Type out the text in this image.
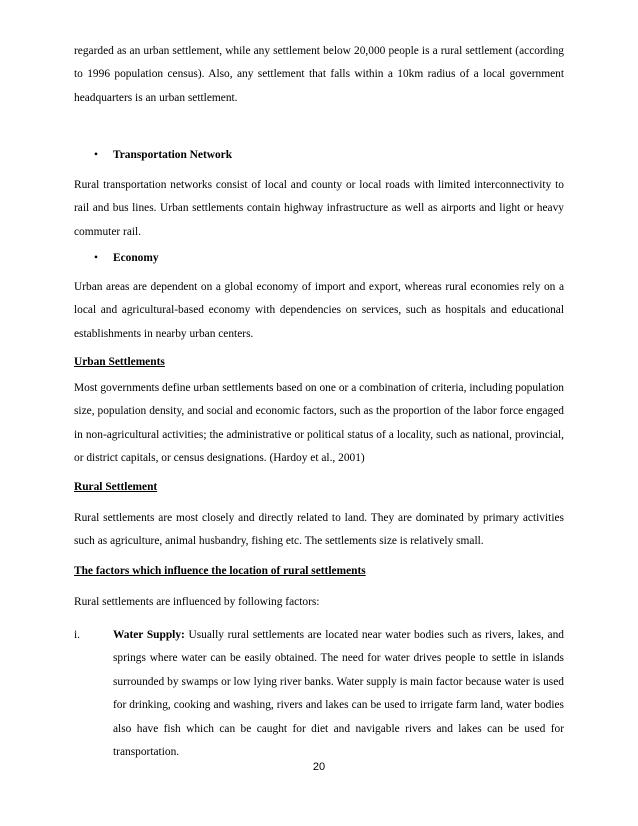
regarded as an urban settlement, while any settlement below 20,000 people is a rural settlement (according to 1996 population census). Also, any settlement that falls within a 10km radius of a local government headquarters is an urban settlement.

• Transportation Network

Rural transportation networks consist of local and county or local roads with limited interconnectivity to rail and bus lines. Urban settlements contain highway infrastructure as well as airports and light or heavy commuter rail.

• Economy

Urban areas are dependent on a global economy of import and export, whereas rural economies rely on a local and agricultural-based economy with dependencies on services, such as hospitals and educational establishments in nearby urban centers.

Urban Settlements

Most governments define urban settlements based on one or a combination of criteria, including population size, population density, and social and economic factors, such as the proportion of the labor force engaged in non-agricultural activities; the administrative or political status of a locality, such as national, provincial, or district capitals, or census designations. (Hardoy et al., 2001)

Rural Settlement

Rural settlements are most closely and directly related to land. They are dominated by primary activities such as agriculture, animal husbandry, fishing etc. The settlements size is relatively small.

The factors which influence the location of rural settlements

Rural settlements are influenced by following factors:

i.	Water Supply: Usually rural settlements are located near water bodies such as rivers, lakes, and springs where water can be easily obtained. The need for water drives people to settle in islands surrounded by swamps or low lying river banks. Water supply is main factor because water is used for drinking, cooking and washing, rivers and lakes can be used to irrigate farm land, water bodies also have fish which can be caught for diet and navigable rivers and lakes can be used for transportation.

20
